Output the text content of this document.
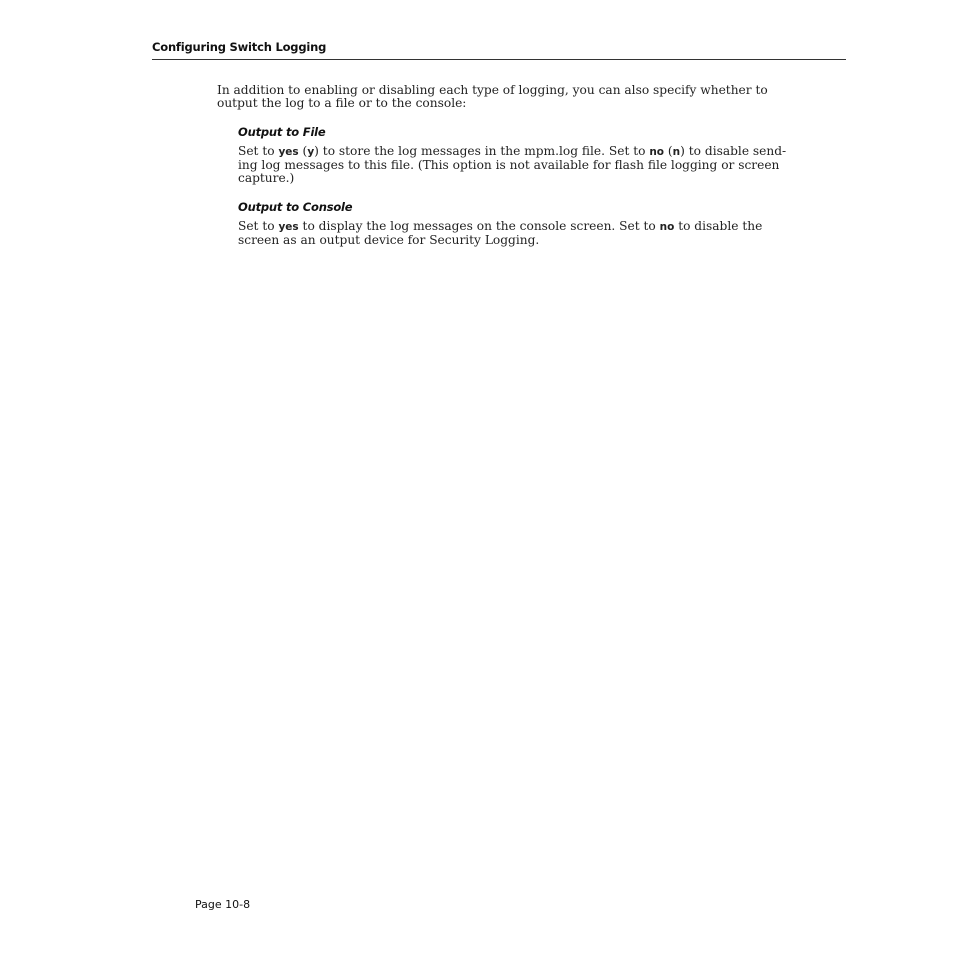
Configuring Switch Logging
In addition to enabling or disabling each type of logging, you can also specify whether to
output the log to a file or to the console:
Output to File
Set to yes (y) to store the log messages in the mpm.log file. Set to no (n) to disable send-
ing log messages to this file. (This option is not available for flash file logging or screen
capture.)
Output to Console
Set to yes to display the log messages on the console screen. Set to no to disable the
screen as an output device for Security Logging.
Page 10-8
